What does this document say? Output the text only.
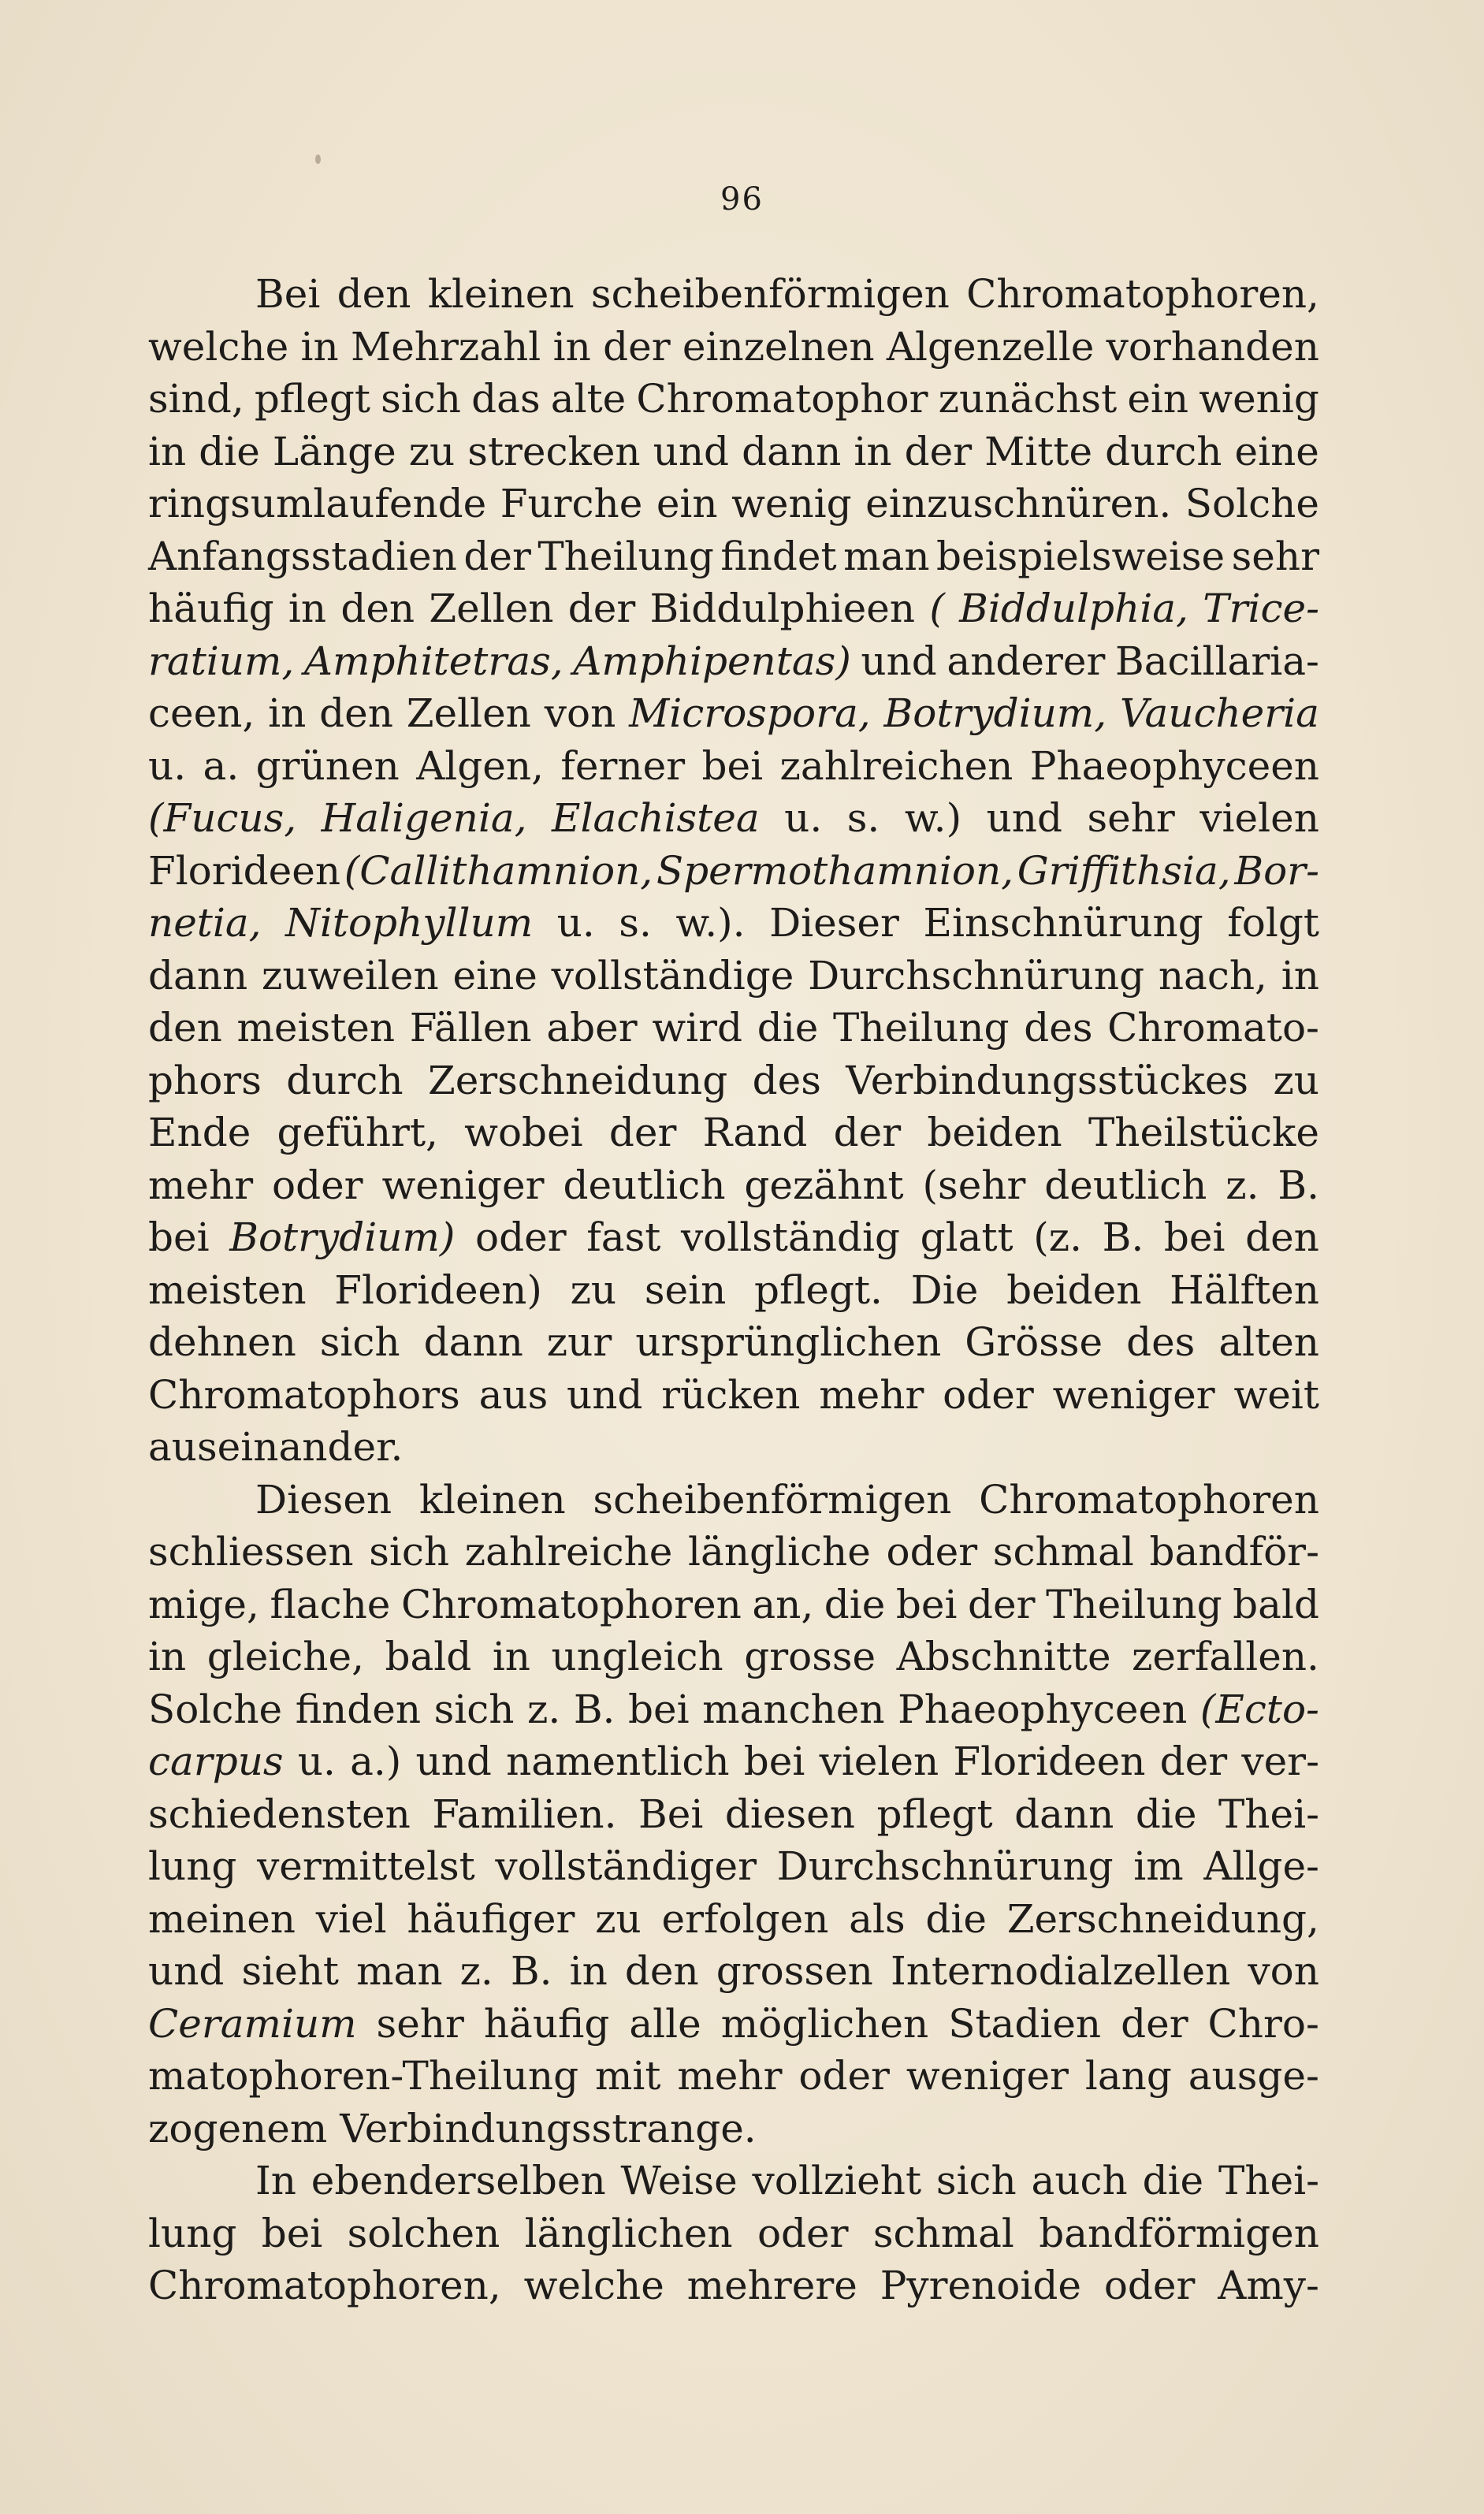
96
Bei den kleinen scheibenförmigen Chromatophoren,
welche in Mehrzahl in der einzelnen Algenzelle vorhanden
sind, pflegt sich das alte Chromatophor zunächst ein wenig
in die Länge zu strecken und dann in der Mitte durch eine
ringsumlaufende Furche ein wenig einzuschnüren. Solche
Anfangsstadien der Theilung findet man beispielsweise sehr
häufig in den Zellen der Biddulphieen ( Biddulphia, Trice-
ratium, Amphitetras, Amphipentas) und anderer Bacillaria-
ceen, in den Zellen von Microspora, Botrydium, Vaucheria
u. a. grünen Algen, ferner bei zahlreichen Phaeophyceen
(Fucus, Haligenia, Elachistea u. s. w.) und sehr vielen
Florideen (Callithamnion, Spermothamnion, Griffithsia, Bor-
netia, Nitophyllum u. s. w.). Dieser Einschnürung folgt
dann zuweilen eine vollständige Durchschnürung nach, in
den meisten Fällen aber wird die Theilung des Chromato-
phors durch Zerschneidung des Verbindungsstückes zu
Ende geführt, wobei der Rand der beiden Theilstücke
mehr oder weniger deutlich gezähnt (sehr deutlich z. B.
bei Botrydium) oder fast vollständig glatt (z. B. bei den
meisten Florideen) zu sein pflegt. Die beiden Hälften
dehnen sich dann zur ursprünglichen Grösse des alten
Chromatophors aus und rücken mehr oder weniger weit
auseinander.
Diesen kleinen scheibenförmigen Chromatophoren
schliessen sich zahlreiche längliche oder schmal bandför-
mige, flache Chromatophoren an, die bei der Theilung bald
in gleiche, bald in ungleich grosse Abschnitte zerfallen.
Solche finden sich z. B. bei manchen Phaeophyceen (Ecto-
carpus u. a.) und namentlich bei vielen Florideen der ver-
schiedensten Familien. Bei diesen pflegt dann die Thei-
lung vermittelst vollständiger Durchschnürung im Allge-
meinen viel häufiger zu erfolgen als die Zerschneidung,
und sieht man z. B. in den grossen Internodialzellen von
Ceramium sehr häufig alle möglichen Stadien der Chro-
matophoren-Theilung mit mehr oder weniger lang ausge-
zogenem Verbindungsstrange.
In ebenderselben Weise vollzieht sich auch die Thei-
lung bei solchen länglichen oder schmal bandförmigen
Chromatophoren, welche mehrere Pyrenoide oder Amy-
